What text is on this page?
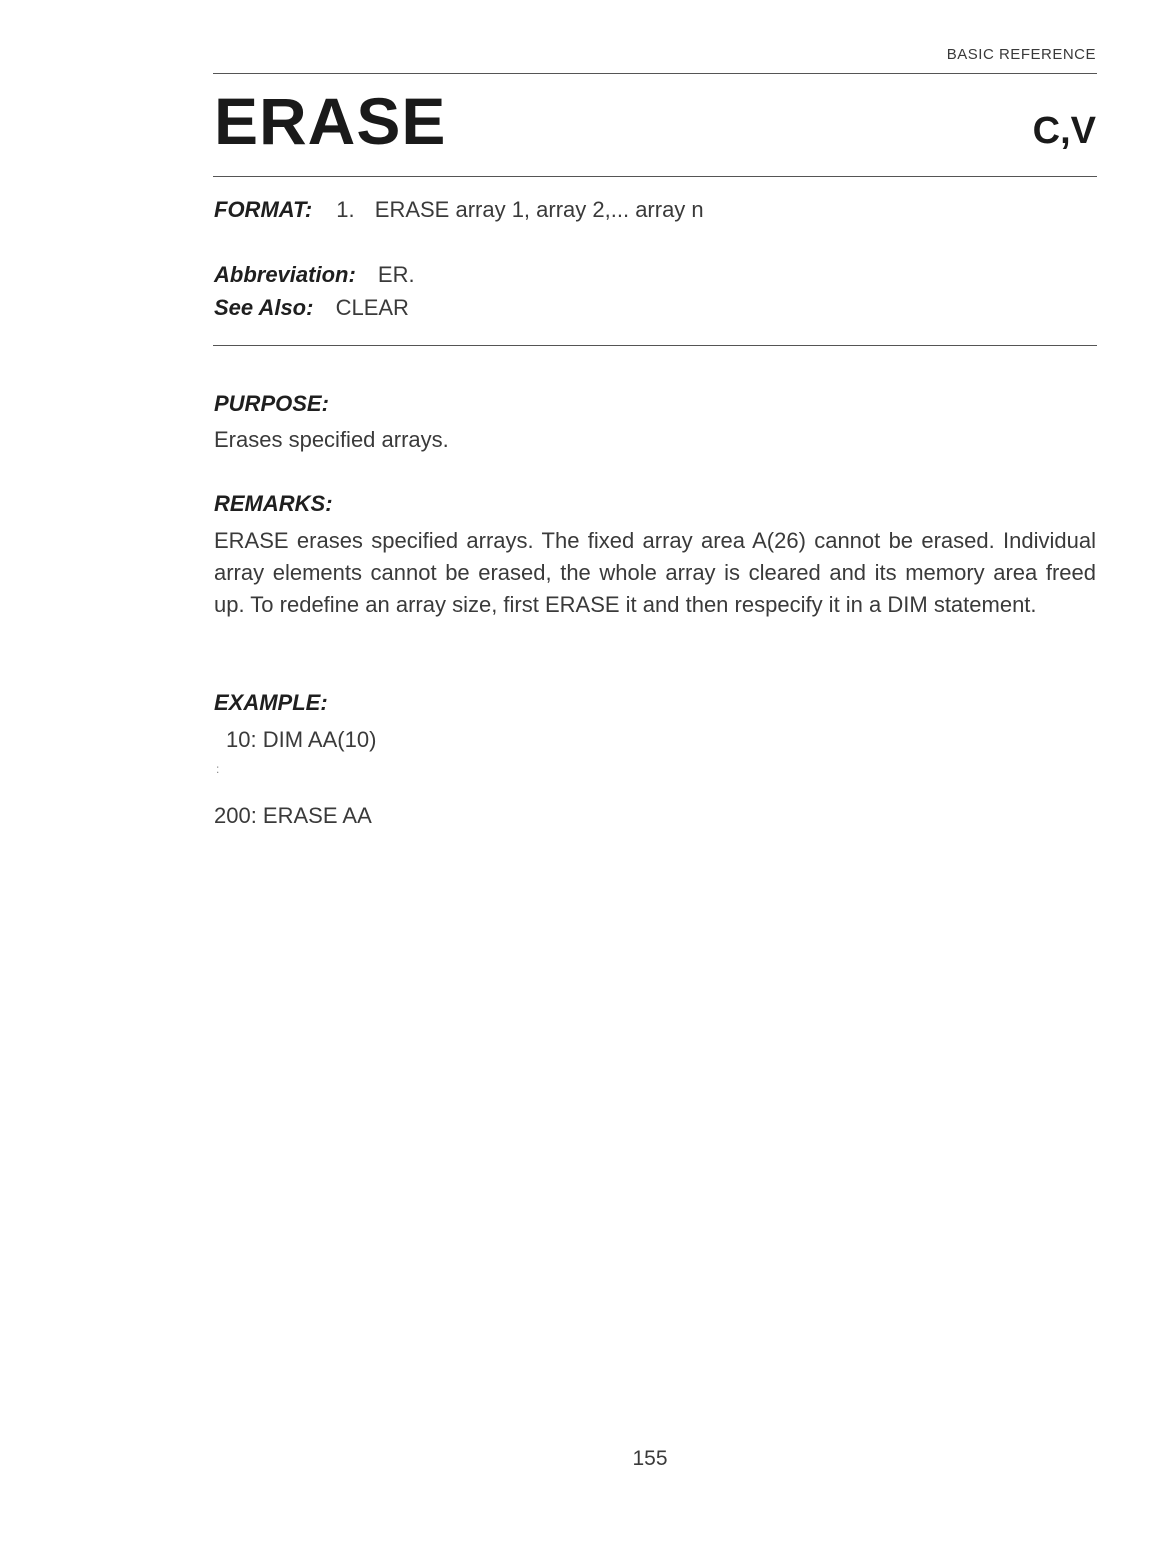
BASIC REFERENCE
ERASE	C,V
FORMAT: 1. ERASE array 1, array 2,... array n
Abbreviation: ER.
See Also: CLEAR
PURPOSE:
Erases specified arrays.
REMARKS:
ERASE erases specified arrays. The fixed array area A(26) cannot be erased. Individual array elements cannot be erased, the whole array is cleared and its memory area freed up. To redefine an array size, first ERASE it and then respecify it in a DIM statement.
EXAMPLE:
10: DIM AA(10)
:
200: ERASE AA
155
